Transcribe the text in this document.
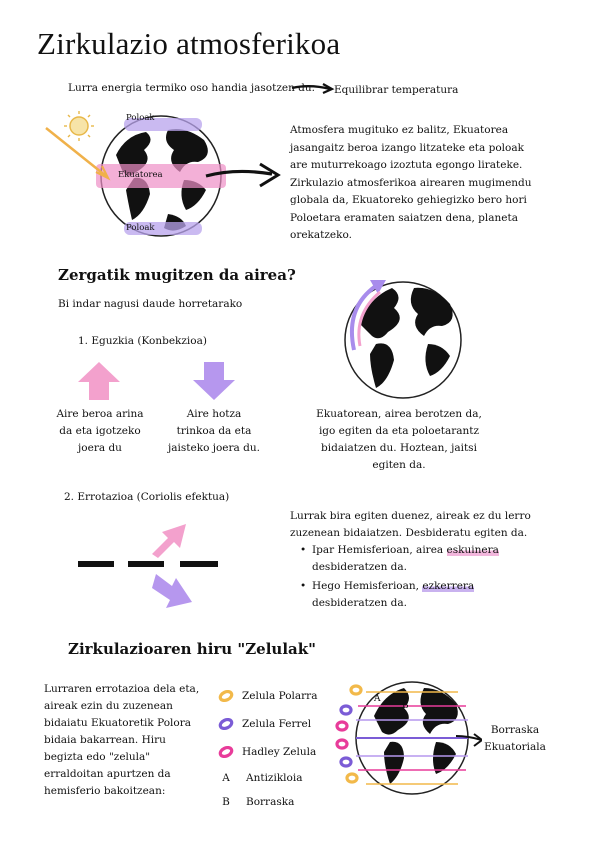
Zirkulazio atmosferikoa
Lurra energia termiko oso handia jasotzen du. Equilibrar temperatura
Poloak
Ekuatorea
Poloak
Atmosfera mugituko ez balitz, Ekuatorea jasangaitz beroa izango litzateke eta poloak are muturrekoago izoztuta egongo lirateke. Zirkulazio atmosferikoa airearen mugimendu globala da, Ekuatoreko gehiegizko bero hori Poloetara eramaten saiatzen dena, planeta orekatzeko.
Zergatik mugitzen da airea?
Bi indar nagusi daude horretarako
1. Eguzkia (Konbekzioa)
Aire beroa arina da eta igotzeko joera du
Aire hotza trinkoa da eta jaisteko joera du.
Ekuatorean, airea berotzen da, igo egiten da eta poloetarantz bidaiatzen du. Hoztean, jaitsi egiten da.
2. Errotazioa (Coriolis efektua)
Lurrak bira egiten duenez, aireak ez du lerro zuzenean bidaiatzen. Desbideratu egiten da.
• Ipar Hemisferioan, airea eskuinera desbideratzen da.
• Hego Hemisferioan, ezkerrera desbideratzen da.
Zirkulazioaren hiru "Zelulak"
Lurraren errotazioa dela eta, aireak ezin du zuzenean bidaiatu Ekuatoretik Polora bidaia bakarrean. Hiru begizta edo "zelula" erraldoitan apurtzen da hemisferio bakoitzean:
Zelula Polarra
Zelula Ferrel
Hadley Zelula
A	Antizikloia
B	Borraska
A
B
Borraska Ekuatoriala
